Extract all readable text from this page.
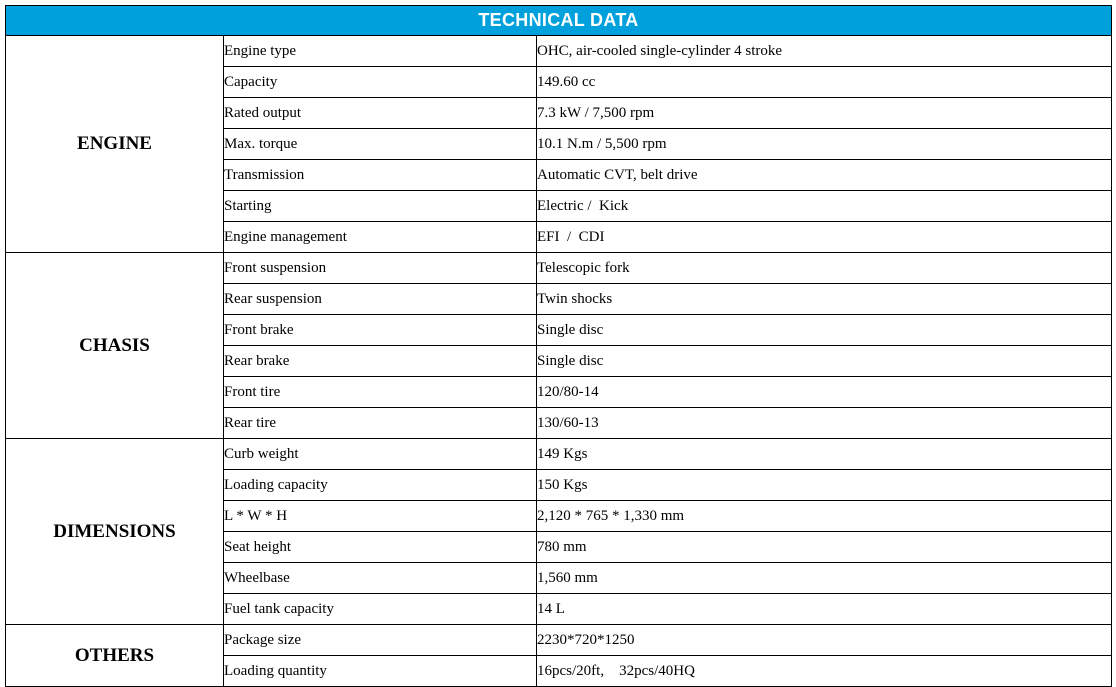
TECHNICAL DATA		
ENGINE	Engine type	OHC, air-cooled single-cylinder 4 stroke
	Capacity	149.60 cc
	Rated output	7.3 kW / 7,500 rpm
	Max. torque	10.1 N.m / 5,500 rpm
	Transmission	Automatic CVT, belt drive
	Starting	Electric /  Kick
	Engine management	EFI  /  CDI
CHASIS	Front suspension	Telescopic fork
	Rear suspension	Twin shocks
	Front brake	Single disc
	Rear brake	Single disc
	Front tire	120/80-14
	Rear tire	130/60-13
DIMENSIONS	Curb weight	149 Kgs
	Loading capacity	150 Kgs
	L * W * H	2,120 * 765 * 1,330 mm
	Seat height	780 mm
	Wheelbase	1,560 mm
	Fuel tank capacity	14 L
OTHERS	Package size	2230*720*1250
	Loading quantity	16pcs/20ft,    32pcs/40HQ
